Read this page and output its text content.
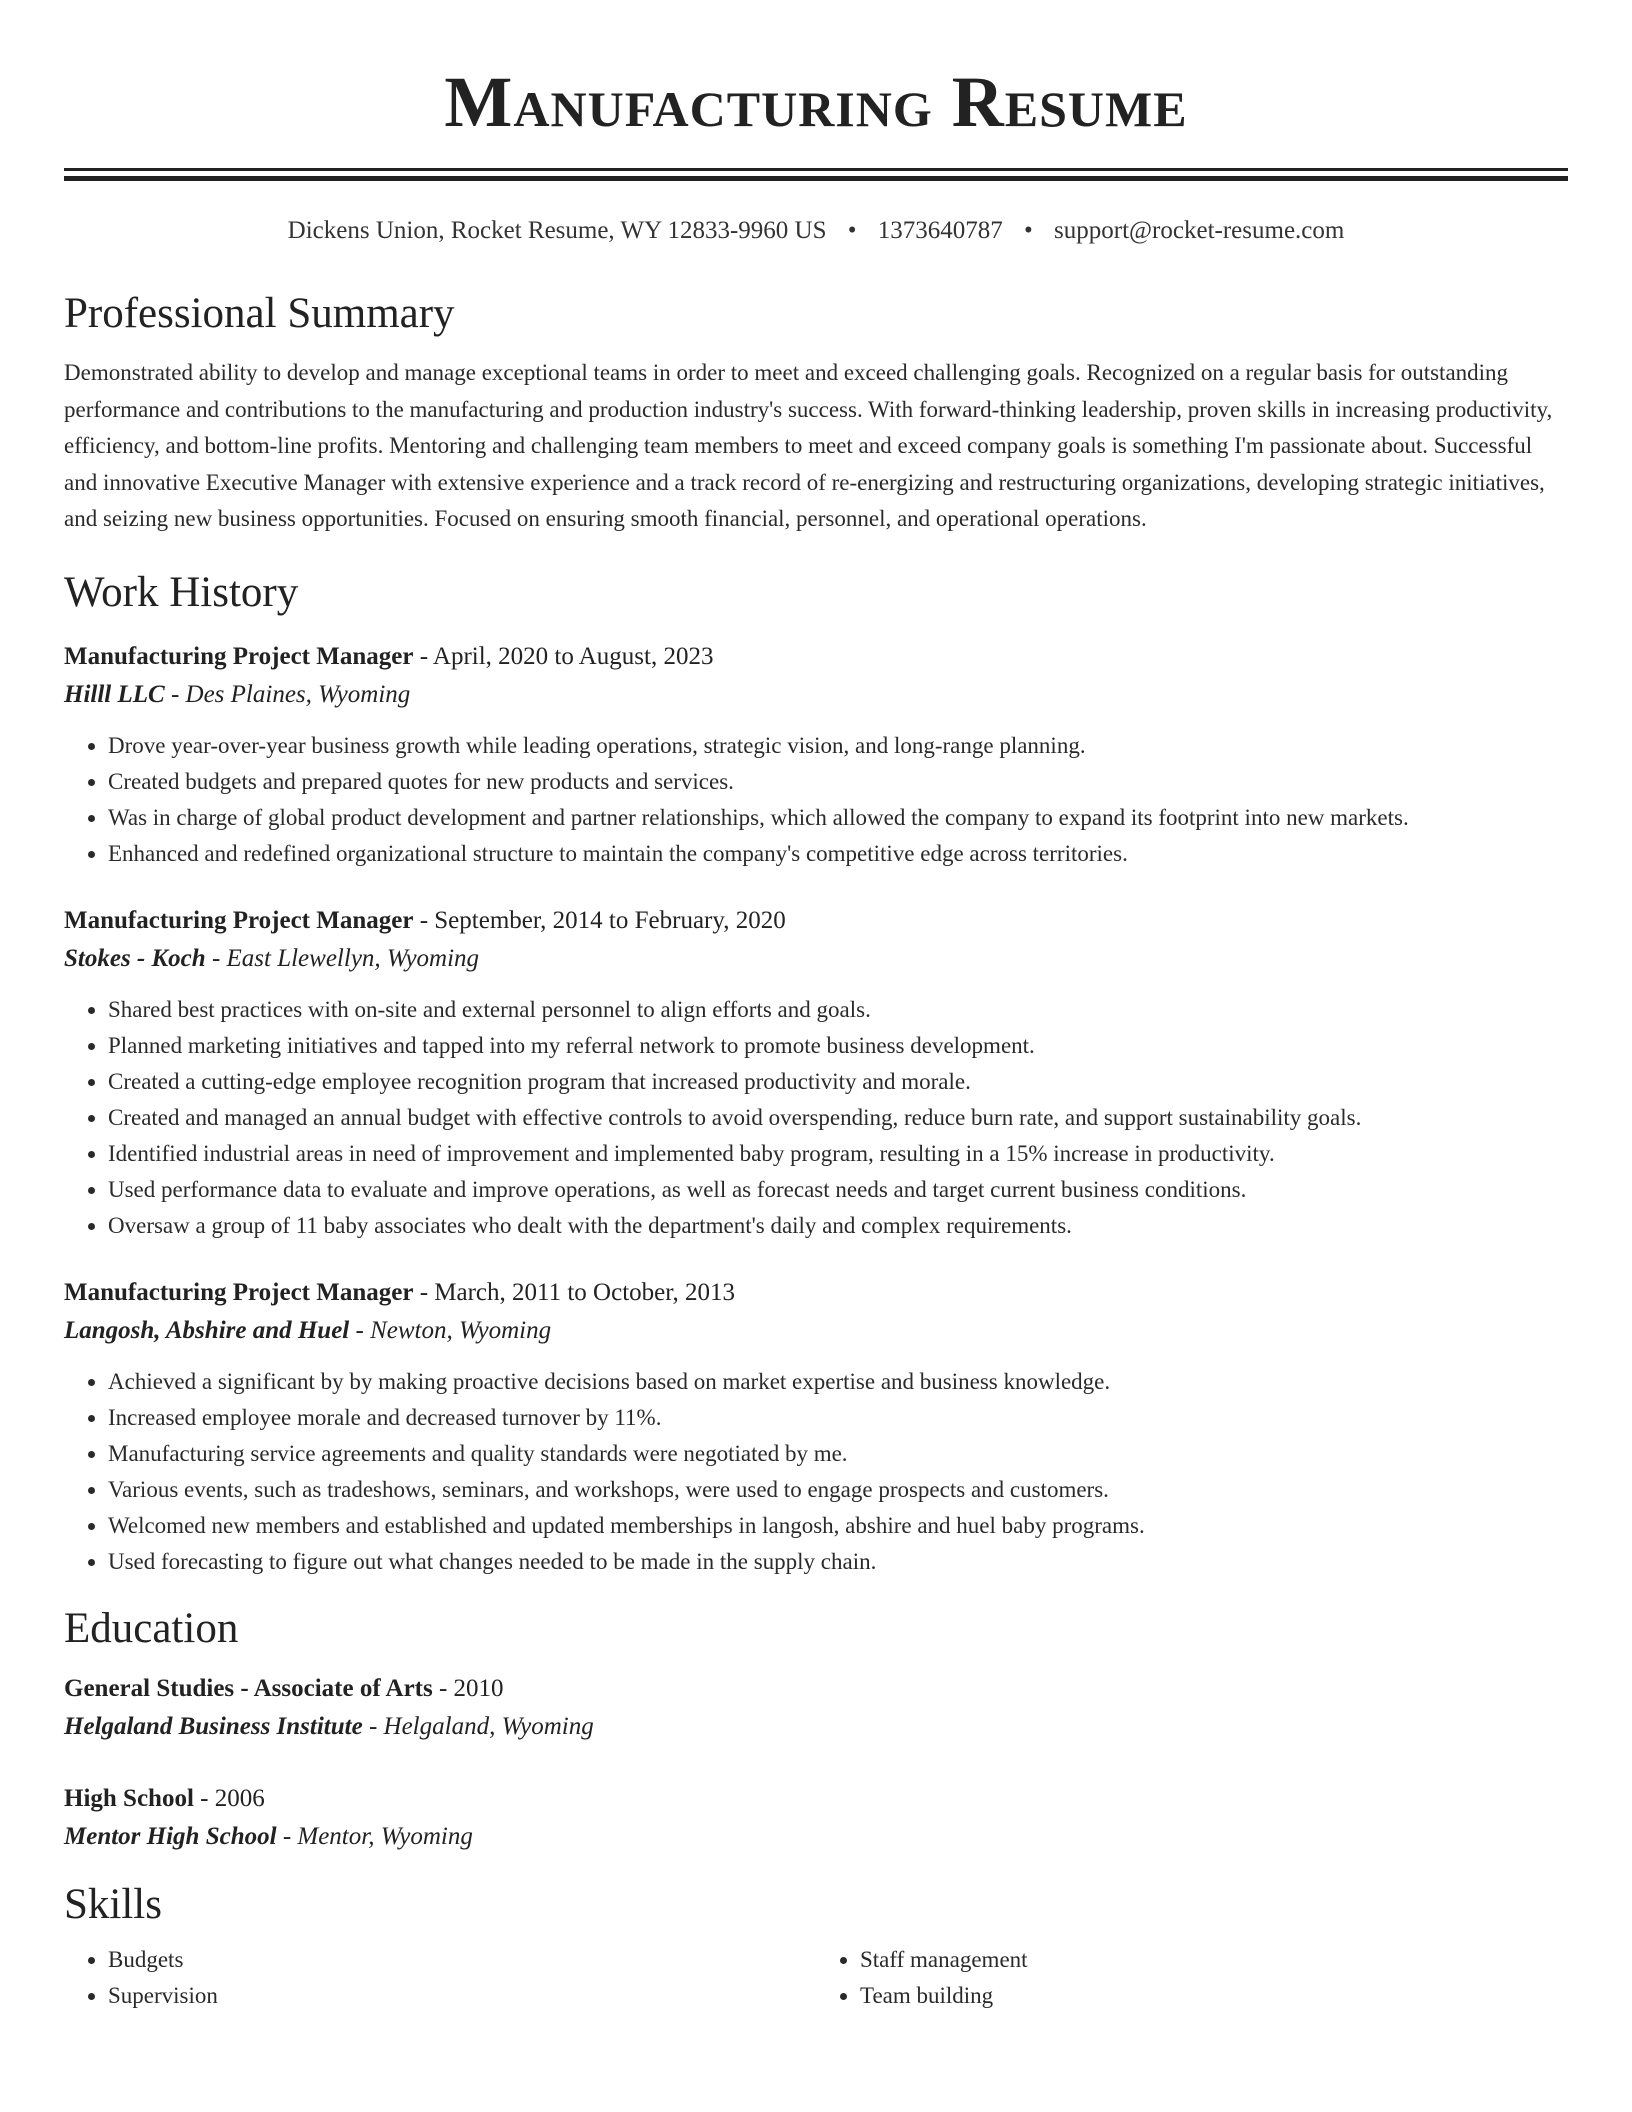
Manufacturing Resume
Dickens Union, Rocket Resume, WY 12833-9960 US • 1373640787 • support@rocket-resume.com
Professional Summary

Demonstrated ability to develop and manage exceptional teams in order to meet and exceed challenging goals. Recognized on a regular basis for outstanding performance and contributions to the manufacturing and production industry's success. With forward-thinking leadership, proven skills in increasing productivity, efficiency, and bottom-line profits. Mentoring and challenging team members to meet and exceed company goals is something I'm passionate about. Successful and innovative Executive Manager with extensive experience and a track record of re-energizing and restructuring organizations, developing strategic initiatives, and seizing new business opportunities. Focused on ensuring smooth financial, personnel, and operational operations.

Work History
Manufacturing Project Manager - April, 2020 to August, 2023
Hilll LLC - Des Plaines, Wyoming
• Drove year-over-year business growth while leading operations, strategic vision, and long-range planning.
• Created budgets and prepared quotes for new products and services.
• Was in charge of global product development and partner relationships, which allowed the company to expand its footprint into new markets.
• Enhanced and redefined organizational structure to maintain the company's competitive edge across territories.
Manufacturing Project Manager - September, 2014 to February, 2020
Stokes - Koch - East Llewellyn, Wyoming
• Shared best practices with on-site and external personnel to align efforts and goals.
• Planned marketing initiatives and tapped into my referral network to promote business development.
• Created a cutting-edge employee recognition program that increased productivity and morale.
• Created and managed an annual budget with effective controls to avoid overspending, reduce burn rate, and support sustainability goals.
• Identified industrial areas in need of improvement and implemented baby program, resulting in a 15% increase in productivity.
• Used performance data to evaluate and improve operations, as well as forecast needs and target current business conditions.
• Oversaw a group of 11 baby associates who dealt with the department's daily and complex requirements.
Manufacturing Project Manager - March, 2011 to October, 2013
Langosh, Abshire and Huel - Newton, Wyoming
• Achieved a significant by by making proactive decisions based on market expertise and business knowledge.
• Increased employee morale and decreased turnover by 11%.
• Manufacturing service agreements and quality standards were negotiated by me.
• Various events, such as tradeshows, seminars, and workshops, were used to engage prospects and customers.
• Welcomed new members and established and updated memberships in langosh, abshire and huel baby programs.
• Used forecasting to figure out what changes needed to be made in the supply chain.
Education
General Studies - Associate of Arts - 2010
Helgaland Business Institute - Helgaland, Wyoming
High School - 2006
Mentor High School - Mentor, Wyoming
Skills
• Budgets
• Supervision
• Staff management
• Team building
